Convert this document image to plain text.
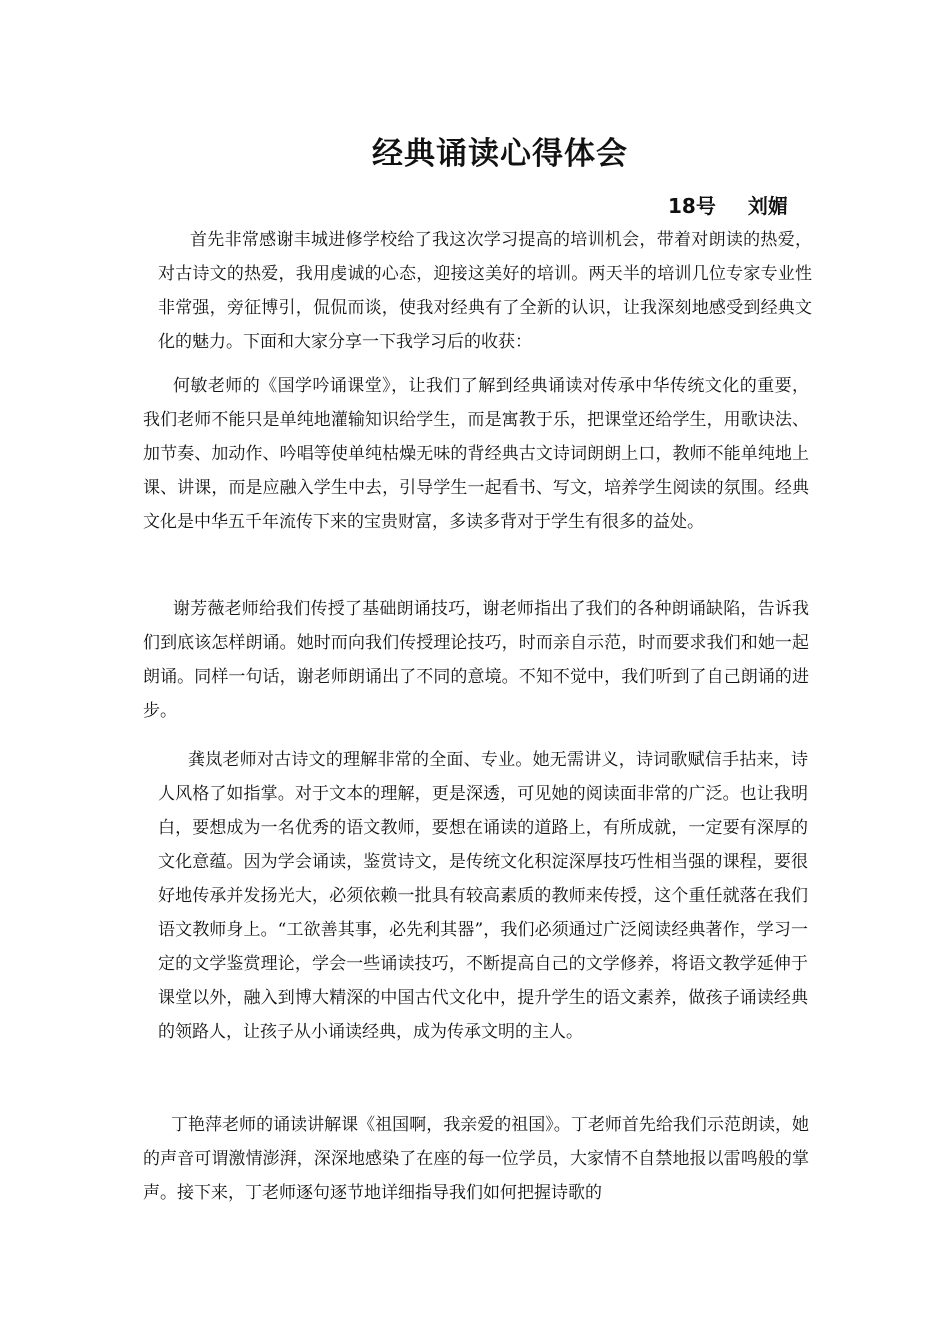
经典诵读心得体会
18号 刘媚

首先非常感谢丰城进修学校给了我这次学习提高的培训机会，带着对朗读的热爱，对古诗文的热爱，我用虔诚的心态，迎接这美好的培训。两天半的培训几位专家专业性非常强，旁征博引，侃侃而谈，使我对经典有了全新的认识，让我深刻地感受到经典文化的魅力。下面和大家分享一下我学习后的收获：

何敏老师的《国学吟诵课堂》，让我们了解到经典诵读对传承中华传统文化的重要，我们老师不能只是单纯地灌输知识给学生，而是寓教于乐，把课堂还给学生，用歌诀法、加节奏、加动作、吟唱等使单纯枯燥无味的背经典古文诗词朗朗上口，教师不能单纯地上课、讲课，而是应融入学生中去，引导学生一起看书、写文，培养学生阅读的氛围。经典文化是中华五千年流传下来的宝贵财富，多读多背对于学生有很多的益处。

谢芳薇老师给我们传授了基础朗诵技巧，谢老师指出了我们的各种朗诵缺陷，告诉我们到底该怎样朗诵。她时而向我们传授理论技巧，时而亲自示范，时而要求我们和她一起朗诵。同样一句话，谢老师朗诵出了不同的意境。不知不觉中，我们听到了自己朗诵的进步。

龚岚老师对古诗文的理解非常的全面、专业。她无需讲义，诗词歌赋信手拈来，诗人风格了如指掌。对于文本的理解，更是深透，可见她的阅读面非常的广泛。也让我明白，要想成为一名优秀的语文教师，要想在诵读的道路上，有所成就，一定要有深厚的文化意蕴。因为学会诵读，鉴赏诗文，是传统文化积淀深厚技巧性相当强的课程，要很好地传承并发扬光大，必须依赖一批具有较高素质的教师来传授，这个重任就落在我们语文教师身上。“工欲善其事，必先利其器”，我们必须通过广泛阅读经典著作，学习一定的文学鉴赏理论，学会一些诵读技巧，不断提高自己的文学修养，将语文教学延伸于课堂以外，融入到博大精深的中国古代文化中，提升学生的语文素养，做孩子诵读经典的领路人，让孩子从小诵读经典，成为传承文明的主人。

丁艳萍老师的诵读讲解课《祖国啊，我亲爱的祖国》。丁老师首先给我们示范朗读，她的声音可谓激情澎湃，深深地感染了在座的每一位学员，大家情不自禁地报以雷鸣般的掌声。接下来，丁老师逐句逐节地详细指导我们如何把握诗歌的
